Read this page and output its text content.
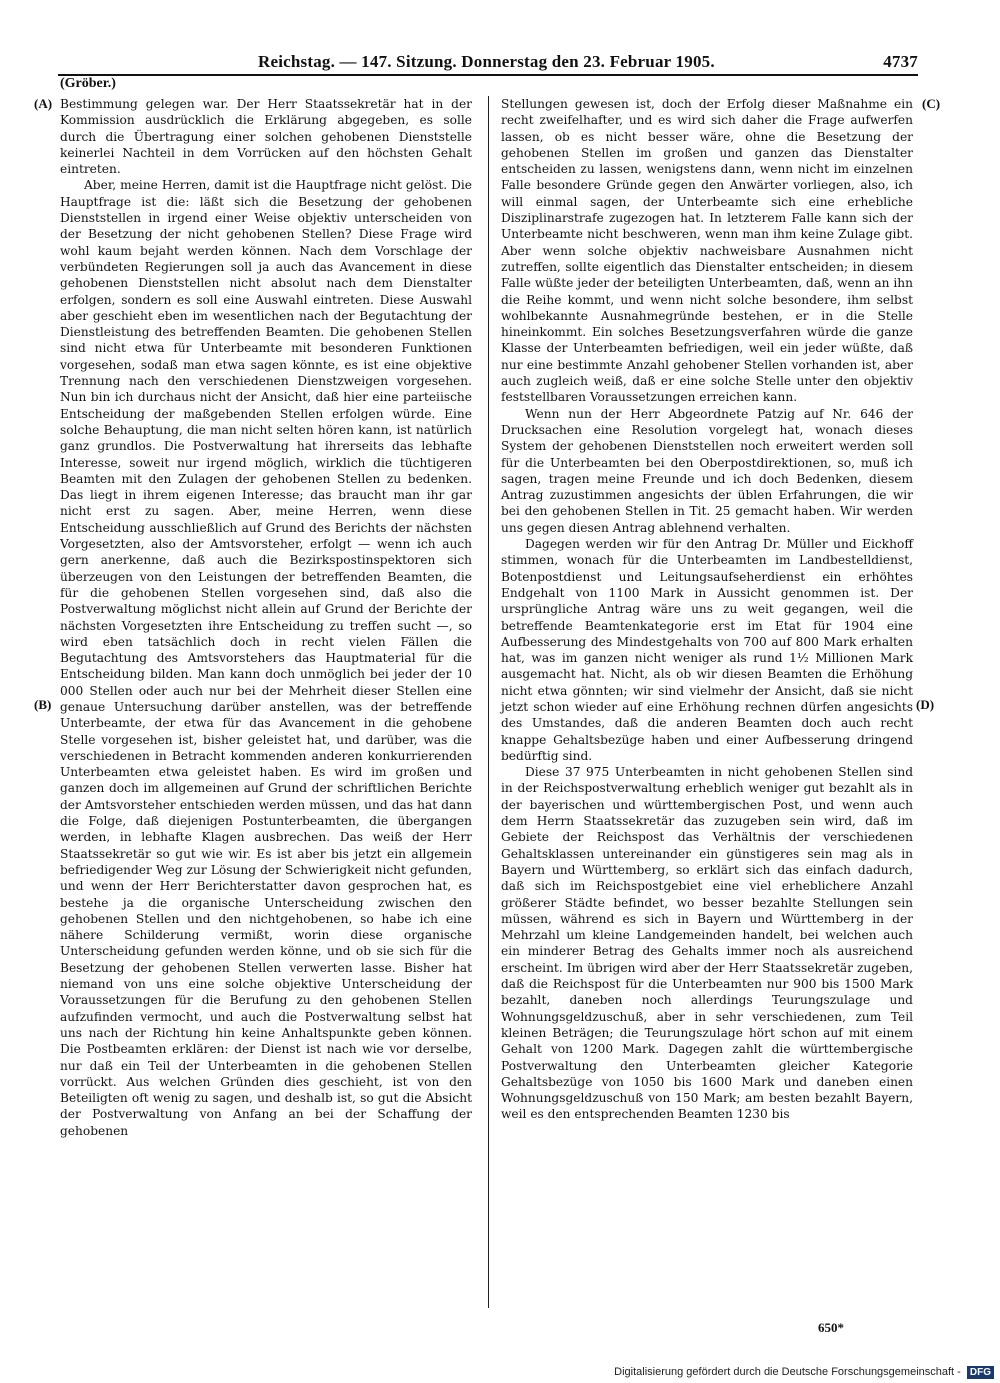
Reichstag. — 147. Sitzung. Donnerstag den 23. Februar 1905.	4737
(Gröber.)
(A)
(B)
(C)
(D)

Bestimmung gelegen war. Der Herr Staatssekretär hat in der Kommission ausdrücklich die Erklärung abgegeben, es solle durch die Übertragung einer solchen gehobenen Dienststelle keinerlei Nachteil in dem Vorrücken auf den höchsten Gehalt eintreten.

Aber, meine Herren, damit ist die Hauptfrage nicht gelöst. Die Hauptfrage ist die: läßt sich die Besetzung der gehobenen Dienststellen in irgend einer Weise objektiv unterscheiden von der Besetzung der nicht gehobenen Stellen? Diese Frage wird wohl kaum bejaht werden können. Nach dem Vorschlage der verbündeten Regierungen soll ja auch das Avancement in diese gehobenen Dienststellen nicht absolut nach dem Dienstalter erfolgen, sondern es soll eine Auswahl eintreten. Diese Auswahl aber geschieht eben im wesentlichen nach der Begutachtung der Dienstleistung des betreffenden Beamten. Die gehobenen Stellen sind nicht etwa für Unterbeamte mit besonderen Funktionen vorgesehen, sodaß man etwa sagen könnte, es ist eine objektive Trennung nach den verschiedenen Dienstzweigen vorgesehen. Nun bin ich durchaus nicht der Ansicht, daß hier eine parteiische Entscheidung der maßgebenden Stellen erfolgen würde. Eine solche Behauptung, die man nicht selten hören kann, ist natürlich ganz grundlos. Die Postverwaltung hat ihrerseits das lebhafte Interesse, soweit nur irgend möglich, wirklich die tüchtigeren Beamten mit den Zulagen der gehobenen Stellen zu bedenken. Das liegt in ihrem eigenen Interesse; das braucht man ihr gar nicht erst zu sagen. Aber, meine Herren, wenn diese Entscheidung ausschließlich auf Grund des Berichts der nächsten Vorgesetzten, also der Amtsvorsteher, erfolgt — wenn ich auch gern anerkenne, daß auch die Bezirkspostinspektoren sich überzeugen von den Leistungen der betreffenden Beamten, die für die gehobenen Stellen vorgesehen sind, daß also die Postverwaltung möglichst nicht allein auf Grund der Berichte der nächsten Vorgesetzten ihre Entscheidung zu treffen sucht —, so wird eben tatsächlich doch in recht vielen Fällen die Begutachtung des Amtsvorstehers das Hauptmaterial für die Entscheidung bilden. Man kann doch unmöglich bei jeder der 10 000 Stellen oder auch nur bei der Mehrheit dieser Stellen eine genaue Untersuchung darüber anstellen, was der betreffende Unterbeamte, der etwa für das Avancement in die gehobene Stelle vorgesehen ist, bisher geleistet hat, und darüber, was die verschiedenen in Betracht kommenden anderen konkurrierenden Unterbeamten etwa geleistet haben. Es wird im großen und ganzen doch im allgemeinen auf Grund der schriftlichen Berichte der Amtsvorsteher entschieden werden müssen, und das hat dann die Folge, daß diejenigen Postunterbeamten, die übergangen werden, in lebhafte Klagen ausbrechen. Das weiß der Herr Staatssekretär so gut wie wir. Es ist aber bis jetzt ein allgemein befriedigender Weg zur Lösung der Schwierigkeit nicht gefunden, und wenn der Herr Berichterstatter davon gesprochen hat, es bestehe ja die organische Unterscheidung zwischen den gehobenen Stellen und den nichtgehobenen, so habe ich eine nähere Schilderung vermißt, worin diese organische Unterscheidung gefunden werden könne, und ob sie sich für die Besetzung der gehobenen Stellen verwerten lasse. Bisher hat niemand von uns eine solche objektive Unterscheidung der Voraussetzungen für die Berufung zu den gehobenen Stellen aufzufinden vermocht, und auch die Postverwaltung selbst hat uns nach der Richtung hin keine Anhaltspunkte geben können. Die Postbeamten erklären: der Dienst ist nach wie vor derselbe, nur daß ein Teil der Unterbeamten in die gehobenen Stellen vorrückt. Aus welchen Gründen dies geschieht, ist von den Beteiligten oft wenig zu sagen, und deshalb ist, so gut die Absicht der Postverwaltung von Anfang an bei der Schaffung der gehobenen

Stellungen gewesen ist, doch der Erfolg dieser Maßnahme ein recht zweifelhafter, und es wird sich daher die Frage aufwerfen lassen, ob es nicht besser wäre, ohne die Besetzung der gehobenen Stellen im großen und ganzen das Dienstalter entscheiden zu lassen, wenigstens dann, wenn nicht im einzelnen Falle besondere Gründe gegen den Anwärter vorliegen, also, ich will einmal sagen, der Unterbeamte sich eine erhebliche Disziplinarstrafe zugezogen hat. In letzterem Falle kann sich der Unterbeamte nicht beschweren, wenn man ihm keine Zulage gibt. Aber wenn solche objektiv nachweisbare Ausnahmen nicht zutreffen, sollte eigentlich das Dienstalter entscheiden; in diesem Falle wüßte jeder der beteiligten Unterbeamten, daß, wenn an ihn die Reihe kommt, und wenn nicht solche besondere, ihm selbst wohlbekannte Ausnahmegründe bestehen, er in die Stelle hineinkommt. Ein solches Besetzungsverfahren würde die ganze Klasse der Unterbeamten befriedigen, weil ein jeder wüßte, daß nur eine bestimmte Anzahl gehobener Stellen vorhanden ist, aber auch zugleich weiß, daß er eine solche Stelle unter den objektiv feststellbaren Voraussetzungen erreichen kann.

Wenn nun der Herr Abgeordnete Patzig auf Nr. 646 der Drucksachen eine Resolution vorgelegt hat, wonach dieses System der gehobenen Dienststellen noch erweitert werden soll für die Unterbeamten bei den Oberpostdirektionen, so, muß ich sagen, tragen meine Freunde und ich doch Bedenken, diesem Antrag zuzustimmen angesichts der üblen Erfahrungen, die wir bei den gehobenen Stellen in Tit. 25 gemacht haben. Wir werden uns gegen diesen Antrag ablehnend verhalten.

Dagegen werden wir für den Antrag Dr. Müller und Eickhoff stimmen, wonach für die Unterbeamten im Landbestelldienst, Botenpostdienst und Leitungsaufseherdienst ein erhöhtes Endgehalt von 1100 Mark in Aussicht genommen ist. Der ursprüngliche Antrag wäre uns zu weit gegangen, weil die betreffende Beamtenkategorie erst im Etat für 1904 eine Aufbesserung des Mindestgehalts von 700 auf 800 Mark erhalten hat, was im ganzen nicht weniger als rund 1½ Millionen Mark ausgemacht hat. Nicht, als ob wir diesen Beamten die Erhöhung nicht etwa gönnten; wir sind vielmehr der Ansicht, daß sie nicht jetzt schon wieder auf eine Erhöhung rechnen dürfen angesichts des Umstandes, daß die anderen Beamten doch auch recht knappe Gehaltsbezüge haben und einer Aufbesserung dringend bedürftig sind.

Diese 37 975 Unterbeamten in nicht gehobenen Stellen sind in der Reichspostverwaltung erheblich weniger gut bezahlt als in der bayerischen und württembergischen Post, und wenn auch dem Herrn Staatssekretär das zuzugeben sein wird, daß im Gebiete der Reichspost das Verhältnis der verschiedenen Gehaltsklassen untereinander ein günstigeres sein mag als in Bayern und Württemberg, so erklärt sich das einfach dadurch, daß sich im Reichspostgebiet eine viel erheblichere Anzahl größerer Städte befindet, wo besser bezahlte Stellungen sein müssen, während es sich in Bayern und Württemberg in der Mehrzahl um kleine Landgemeinden handelt, bei welchen auch ein minderer Betrag des Gehalts immer noch als ausreichend erscheint. Im übrigen wird aber der Herr Staatssekretär zugeben, daß die Reichspost für die Unterbeamten nur 900 bis 1500 Mark bezahlt, daneben noch allerdings Teurungszulage und Wohnungsgeldzuschuß, aber in sehr verschiedenen, zum Teil kleinen Beträgen; die Teurungszulage hört schon auf mit einem Gehalt von 1200 Mark. Dagegen zahlt die württembergische Postverwaltung den Unterbeamten gleicher Kategorie Gehaltsbezüge von 1050 bis 1600 Mark und daneben einen Wohnungsgeldzuschuß von 150 Mark; am besten bezahlt Bayern, weil es den entsprechenden Beamten 1230 bis

650*
Digitalisierung gefördert durch die Deutsche Forschungsgemeinschaft - DFG
